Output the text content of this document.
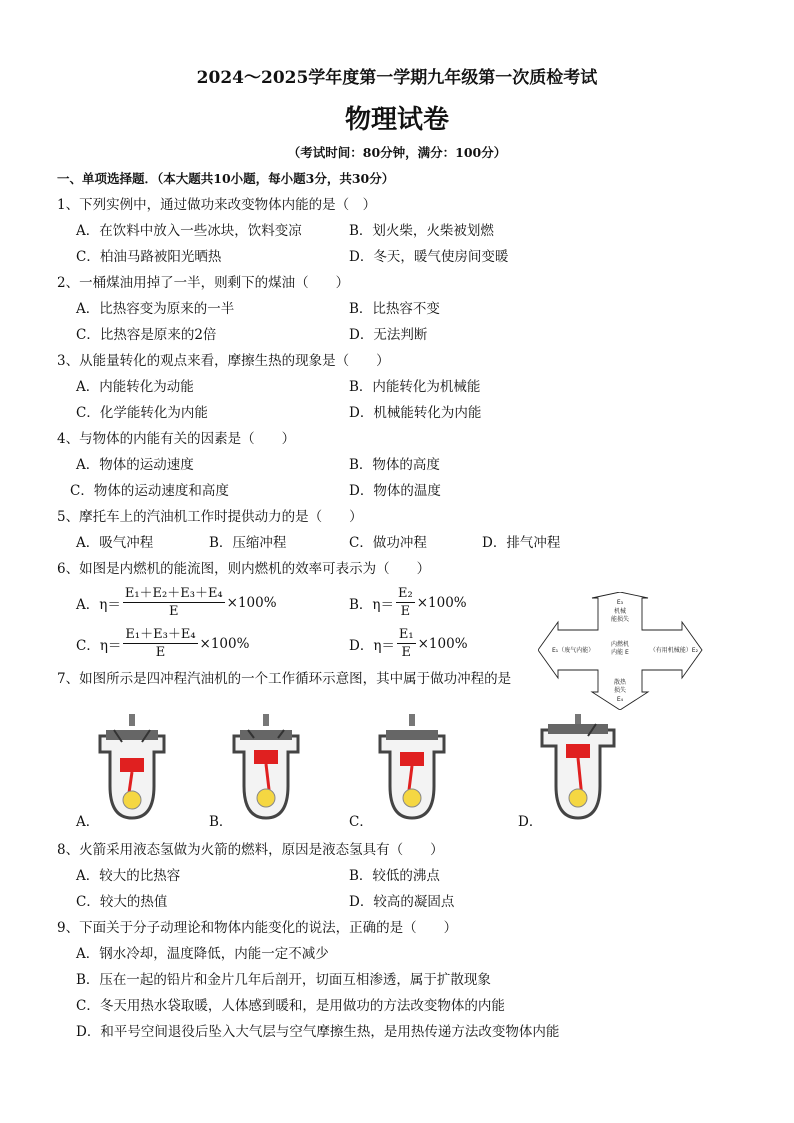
2024～2025学年度第一学期九年级第一次质检考试
物理试卷
（考试时间：80分钟，满分：100分）
一、单项选择题．（本大题共10小题，每小题3分，共30分）
1、下列实例中，通过做功来改变物体内能的是（　）
A．在饮料中放入一些冰块，饮料变凉	B．划火柴，火柴被划燃
C．柏油马路被阳光晒热	D．冬天，暖气使房间变暖
2、一桶煤油用掉了一半，则剩下的煤油（　　）
A．比热容变为原来的一半	B．比热容不变
C．比热容是原来的2倍	D．无法判断
3、从能量转化的观点来看，摩擦生热的现象是（　　）
A．内能转化为动能	B．内能转化为机械能
C．化学能转化为内能	D．机械能转化为内能
4、与物体的内能有关的因素是（　　）
A．物体的运动速度	B．物体的高度
C．物体的运动速度和高度	D．物体的温度
5、摩托车上的汽油机工作时提供动力的是（　　）
A．吸气冲程	B．压缩冲程	C．做功冲程	D．排气冲程
6、如图是内燃机的能流图，则内燃机的效率可表示为（　　）
A．$\eta= \frac{\text{E₁＋E₂＋E₃＋E₄}}{E} \times 100\%$	B．$\eta= \frac{\text{E₂}}{E} \times 100\%$
C．$\eta= \frac{\text{E₁＋E₃＋E₄}}{E} \times 100\%$	D．$\eta= \frac{\text{E₁}}{E} \times 100\%$
E₃
机械
能损失
内燃机
内能 E
E₁（废气内能）	（有用机械能）E₂
散热
损失
E₄
7、如图所示是四冲程汽油机的一个工作循环示意图，其中属于做功冲程的是
A．	B．	C．	D．
8、火箭采用液态氢做为火箭的燃料，原因是液态氢具有（　　）
A．较大的比热容	B．较低的沸点
C．较大的热值	D．较高的凝固点
9、下面关于分子动理论和物体内能变化的说法，正确的是（　　）
A．钢水冷却，温度降低，内能一定不减少
B．压在一起的铅片和金片几年后剖开，切面互相渗透，属于扩散现象
C．冬天用热水袋取暖，人体感到暖和，是用做功的方法改变物体的内能
D．和平号空间退役后坠入大气层与空气摩擦生热，是用热传递方法改变物体内能
